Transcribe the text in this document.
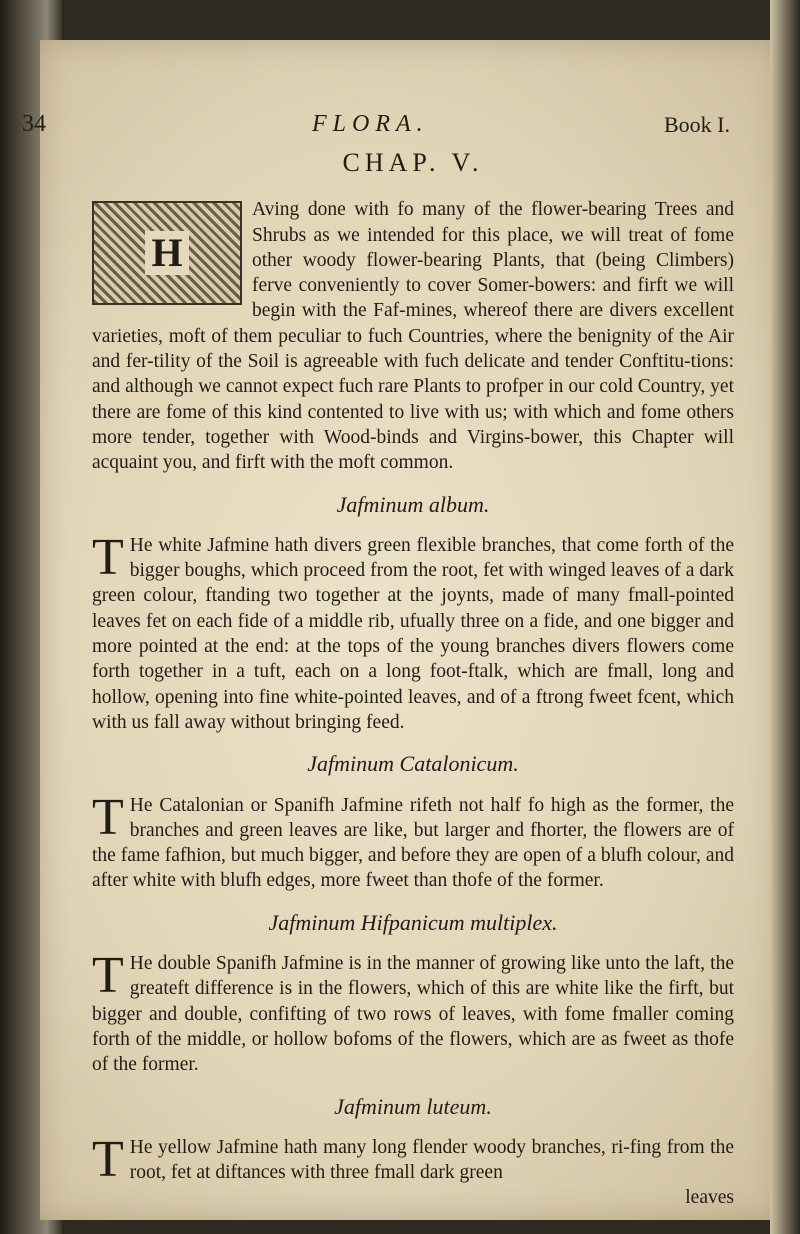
34	FLORA.	Book I.
CHAP. V.
H

Aving done with fo many of the flower-bearing Trees and Shrubs as we intended for this place, we will treat of fome other woody flower-bearing Plants, that (being Climbers) ferve conveniently to cover Somer-bowers: and firft we will begin with the Faf-mines, whereof there are divers excellent varieties, moft of them peculiar to fuch Countries, where the benignity of the Air and fer-tility of the Soil is agreeable with fuch delicate and tender Conftitu-tions: and although we cannot expect fuch rare Plants to profper in our cold Country, yet there are fome of this kind contented to live with us; with which and fome others more tender, together with Wood-binds and Virgins-bower, this Chapter will acquaint you, and firft with the moft common.

Jafminum album.
T He white Jafmine hath divers green flexible branches, that come forth of the bigger boughs, which proceed from the root, fet with winged leaves of a dark green colour, ftanding two together at the joynts, made of many fmall-pointed leaves fet on each fide of a middle rib, ufually three on a fide, and one bigger and more pointed at the end: at the tops of the young branches divers flowers come forth together in a tuft, each on a long foot-ftalk, which are fmall, long and hollow, opening into fine white-pointed leaves, and of a ftrong fweet fcent, which with us fall away without bringing feed.

Jafminum Catalonicum.
T He Catalonian or Spanifh Jafmine rifeth not half fo high as the former, the branches and green leaves are like, but larger and fhorter, the flowers are of the fame fafhion, but much bigger, and before they are open of a blufh colour, and after white with blufh edges, more fweet than thofe of the former.

Jafminum Hifpanicum multiplex.
T He double Spanifh Jafmine is in the manner of growing like unto the laft, the greateft difference is in the flowers, which of this are white like the firft, but bigger and double, confifting of two rows of leaves, with fome fmaller coming forth of the middle, or hollow bofoms of the flowers, which are as fweet as thofe of the former.

Jafminum luteum.
T He yellow Jafmine hath many long flender woody branches, ri-fing from the root, fet at diftances with three fmall dark green

leaves
